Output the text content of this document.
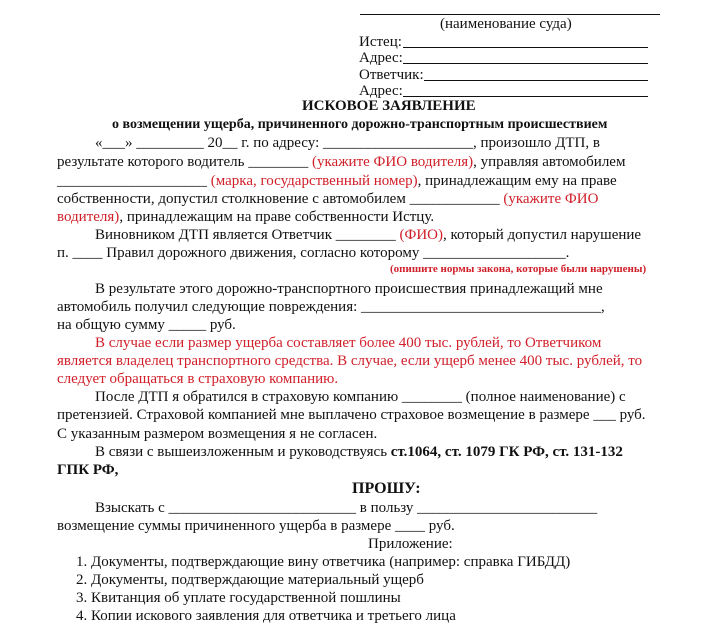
(наименование суда)
Истец:
Адрес:
Ответчик:
Адрес:
ИСКОВОЕ ЗАЯВЛЕНИЕ
о возмещении ущерба, причиненного дорожно-транспортным происшествием
«___» _________ 20__ г. по адресу: ____________________, произошло ДТП, в
результате которого водитель ________ (укажите ФИО водителя), управляя автомобилем
____________________ (марка, государственный номер), принадлежащим ему на праве
собственности, допустил столкновение с автомобилем ____________ (укажите ФИО
водителя), принадлежащим на праве собственности Истцу.
Виновником ДТП является Ответчик ________ (ФИО), который допустил нарушение
п. ____ Правил дорожного движения, согласно которому ___________________.
(опишите нормы закона, которые были нарушены)
В результате этого дорожно-транспортного происшествия принадлежащий мне
автомобиль получил следующие повреждения: ________________________________,
на общую сумму _____ руб.
В случае если размер ущерба составляет более 400 тыс. рублей, то Ответчиком
является владелец транспортного средства. В случае, если ущерб менее 400 тыс. рублей, то
следует обращаться в страховую компанию.
После ДТП я обратился в страховую компанию ________ (полное наименование) с
претензией. Страховой компанией мне выплачено страховое возмещение в размере ___ руб.
С указанным размером возмещения я не согласен.
В связи с вышеизложенным и руководствуясь ст.1064, ст. 1079 ГК РФ, ст. 131-132
ГПК РФ,
ПРОШУ:
Взыскать с _________________________ в пользу ________________________
возмещение суммы причиненного ущерба в размере ____ руб.
Приложение:
1. Документы, подтверждающие вину ответчика (например: справка ГИБДД)
2. Документы, подтверждающие материальный ущерб
3. Квитанция об уплате государственной пошлины
4. Копии искового заявления для ответчика и третьего лица
